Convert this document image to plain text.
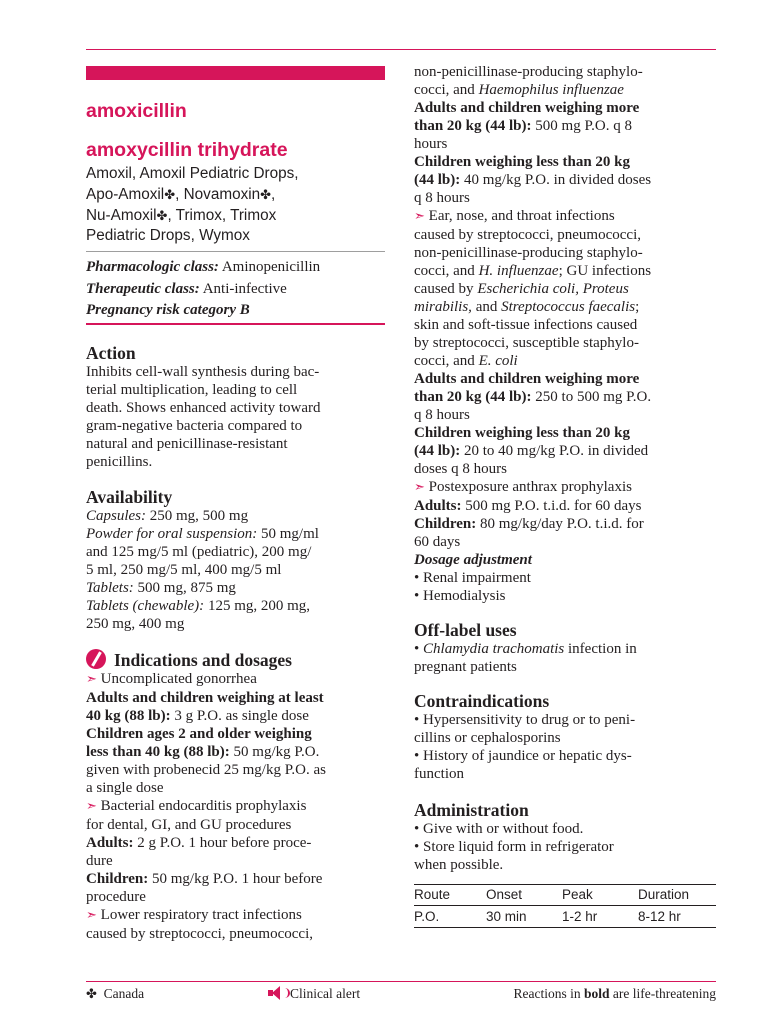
amoxicillin
amoxycillin trihydrate
Amoxil, Amoxil Pediatric Drops,
Apo-Amoxil✤, Novamoxin✤,
Nu-Amoxil✤, Trimox, Trimox
Pediatric Drops, Wymox
Pharmacologic class: Aminopenicillin
Therapeutic class: Anti-infective
Pregnancy risk category B
Action
Inhibits cell-wall synthesis during bac-
terial multiplication, leading to cell
death. Shows enhanced activity toward
gram-negative bacteria compared to
natural and penicillinase-resistant
penicillins.
Availability
Capsules: 250 mg, 500 mg
Powder for oral suspension: 50 mg/ml
and 125 mg/5 ml (pediatric), 200 mg/
5 ml, 250 mg/5 ml, 400 mg/5 ml
Tablets: 500 mg, 875 mg
Tablets (chewable): 125 mg, 200 mg,
250 mg, 400 mg
Indications and dosages
➣ Uncomplicated gonorrhea
Adults and children weighing at least
40 kg (88 lb): 3 g P.O. as single dose
Children ages 2 and older weighing
less than 40 kg (88 lb): 50 mg/kg P.O.
given with probenecid 25 mg/kg P.O. as
a single dose
➣ Bacterial endocarditis prophylaxis
for dental, GI, and GU procedures
Adults: 2 g P.O. 1 hour before proce-
dure
Children: 50 mg/kg P.O. 1 hour before
procedure
➣ Lower respiratory tract infections
caused by streptococci, pneumococci,
non-penicillinase-producing staphylo-
cocci, and Haemophilus influenzae
Adults and children weighing more
than 20 kg (44 lb): 500 mg P.O. q 8
hours
Children weighing less than 20 kg
(44 lb): 40 mg/kg P.O. in divided doses
q 8 hours
➣ Ear, nose, and throat infections
caused by streptococci, pneumococci,
non-penicillinase-producing staphylo-
cocci, and H. influenzae; GU infections
caused by Escherichia coli, Proteus
mirabilis, and Streptococcus faecalis;
skin and soft-tissue infections caused
by streptococci, susceptible staphylo-
cocci, and E. coli
Adults and children weighing more
than 20 kg (44 lb): 250 to 500 mg P.O.
q 8 hours
Children weighing less than 20 kg
(44 lb): 20 to 40 mg/kg P.O. in divided
doses q 8 hours
➣ Postexposure anthrax prophylaxis
Adults: 500 mg P.O. t.i.d. for 60 days
Children: 80 mg/kg/day P.O. t.i.d. for
60 days
Dosage adjustment
• Renal impairment
• Hemodialysis
Off-label uses
• Chlamydia trachomatis infection in
pregnant patients
Contraindications
• Hypersensitivity to drug or to peni-
cillins or cephalosporins
• History of jaundice or hepatic dys-
function
Administration
• Give with or without food.
• Store liquid form in refrigerator
when possible.
Route	Onset	Peak	Duration
P.O.	30 min	1-2 hr	8-12 hr
✤ Canada	Clinical alert	Reactions in bold are life-threatening
